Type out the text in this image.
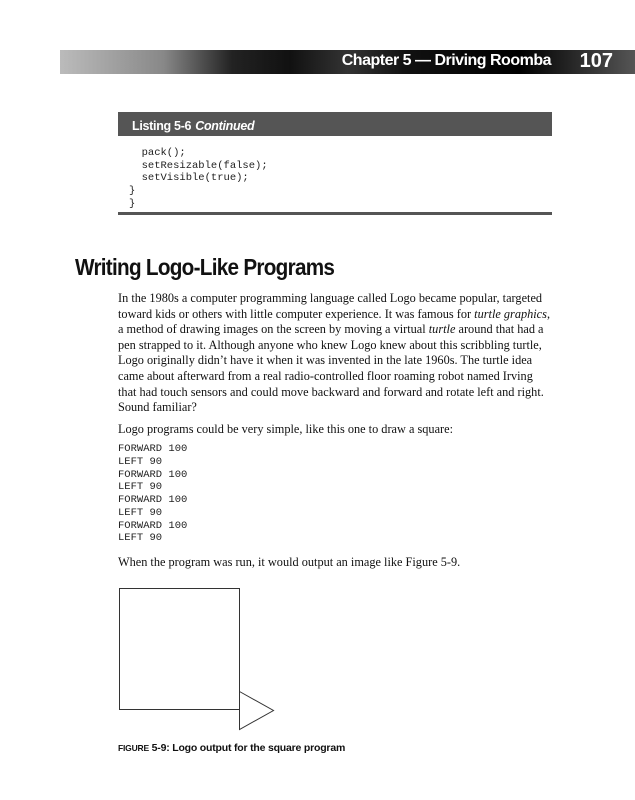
Chapter 5 — Driving Roomba 107
$_{Listing 5-6}$ $_{Continued}$
pack();
setResizable(false);
setVisible(true);
}
}
Writing Logo-Like Programs

In the 1980s a computer programming language called Logo became popular, targeted toward kids or others with little computer experience. It was famous for turtle graphics, a method of drawing images on the screen by moving a virtual turtle around that had a pen strapped to it. Although anyone who knew Logo knew about this scribbling turtle, Logo originally didn’t have it when it was invented in the late 1960s. The turtle idea came about afterward from a real radio-controlled floor roaming robot named Irving that had touch sensors and could move backward and forward and rotate left and right. Sound familiar?

Logo programs could be very simple, like this one to draw a square:

FORWARD 100
LEFT 90
FORWARD 100
LEFT 90
FORWARD 100
LEFT 90
FORWARD 100
LEFT 90

When the program was run, it would output an image like Figure 5-9.

FIGURE 5-9: Logo output for the square program
